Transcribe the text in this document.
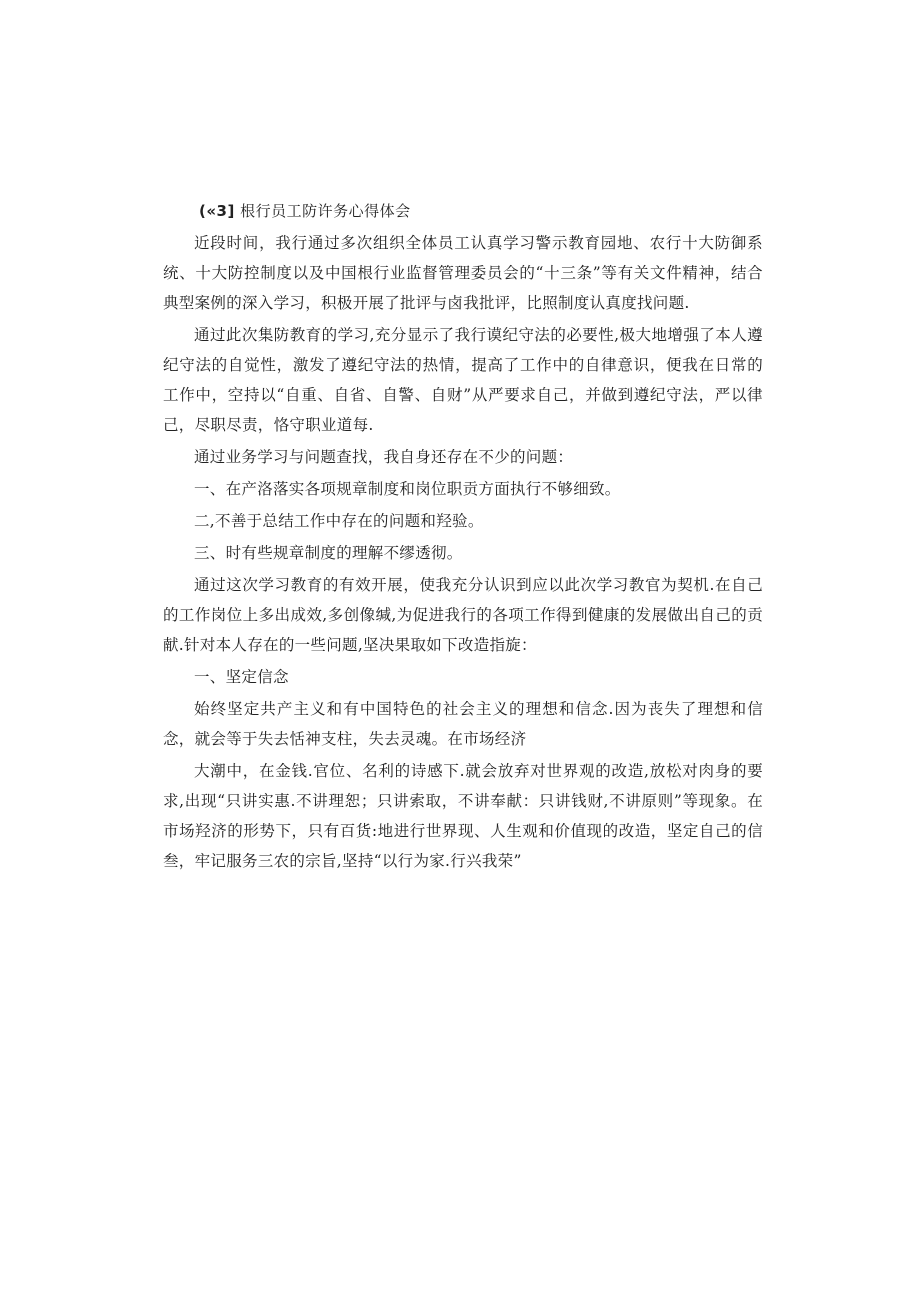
(«3] 根行员工防许务心得体会

近段时间，我行通过多次组织全体员工认真学习警示教育园地、农行十大防御系统、十大防控制度以及中国根行业监督管理委员会的“十三条”等有关文件精神，结合典型案例的深入学习，积极开展了批评与卤我批评，比照制度认真度找问题.

通过此次集防教育的学习,充分显示了我行谟纪守法的必要性,极大地增强了本人遵纪守法的自觉性，激发了遵纪守法的热情，提高了工作中的自律意识，便我在日常的工作中，空持以“自重、自省、自警、自财”从严要求自己，并做到遵纪守法，严以律己，尽职尽责，恪守职业道每.

通过业务学习与问题查找，我自身还存在不少的问题：

一、在产洛落实各项规章制度和岗位职贡方面执行不够细致。

二,不善于总结工作中存在的问题和羟验。

三、时有些规章制度的理解不缪透彻。

通过这次学习教育的有效开展，使我充分认识到应以此次学习教官为契机.在自己的工作岗位上多出成效,多创像缄,为促进我行的各项工作得到健康的发展做出自己的贡献.针对本人存在的一些问题,坚决果取如下改造指旋：

一、坚定信念

始终坚定共产主义和有中国特色的社会主义的理想和信念.因为丧失了理想和信念，就会等于失去恬神支柱，失去灵魂。在市场经济

大潮中，在金钱.官位、名利的诗感下.就会放弃对世界观的改造,放松对肉身的要求,出现“只讲实惠.不讲理恕；只讲索取，不讲奉献：只讲钱财,不讲原则”等现象。在市场羟济的形势下，只有百货:地进行世界现、人生观和价值现的改造，坚定自己的信叁，牢记服务三农的宗旨,坚持“以行为家.行兴我荣”
